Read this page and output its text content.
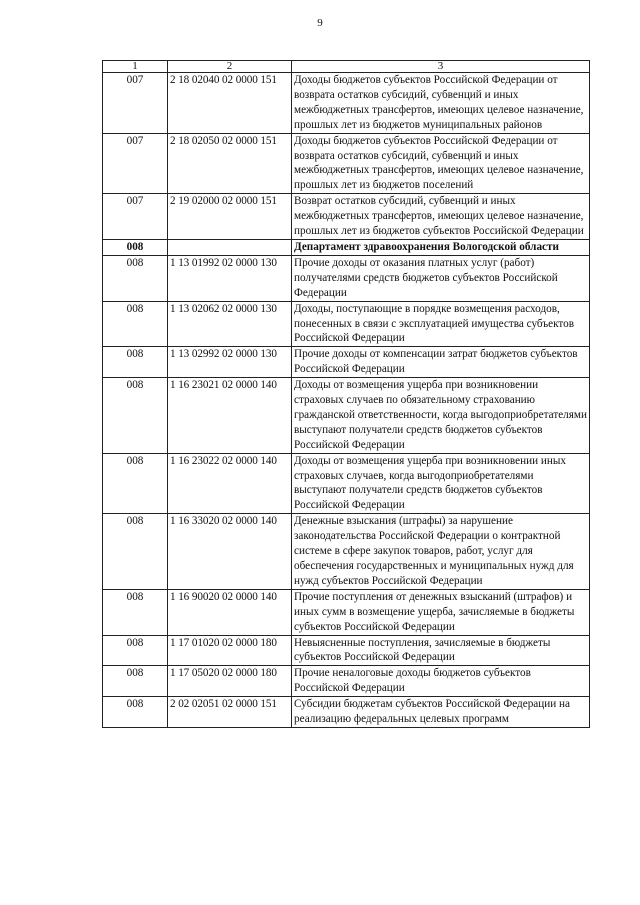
9
1	2	3
007	2 18 02040 02 0000 151	Доходы бюджетов субъектов Российской Федерации от возврата остатков субсидий, субвенций и иных межбюджетных трансфертов, имеющих целевое назначение, прошлых лет из бюджетов муниципальных районов
007	2 18 02050 02 0000 151	Доходы бюджетов субъектов Российской Федерации от возврата остатков субсидий, субвенций и иных межбюджетных трансфертов, имеющих целевое назначение, прошлых лет из бюджетов поселений
007	2 19 02000 02 0000 151	Возврат остатков субсидий, субвенций и иных межбюджетных трансфертов, имеющих целевое назначение, прошлых лет из бюджетов субъектов Российской Федерации
008		Департамент здравоохранения Вологодской области
008	1 13 01992 02 0000 130	Прочие доходы от оказания платных услуг (работ) получателями средств бюджетов субъектов Российской Федерации
008	1 13 02062 02 0000 130	Доходы, поступающие в порядке возмещения расходов, понесенных в связи с эксплуатацией имущества субъектов Российской Федерации
008	1 13 02992 02 0000 130	Прочие доходы от компенсации затрат бюджетов субъектов Российской Федерации
008	1 16 23021 02 0000 140	Доходы от возмещения ущерба при возникновении страховых случаев по обязательному страхованию гражданской ответственности, когда выгодоприобретателями выступают получатели средств бюджетов субъектов Российской Федерации
008	1 16 23022 02 0000 140	Доходы от возмещения ущерба при возникновении иных страховых случаев, когда выгодоприобретателями выступают получатели средств бюджетов субъектов Российской Федерации
008	1 16 33020 02 0000 140	Денежные взыскания (штрафы) за нарушение законодательства Российской Федерации о контрактной системе в сфере закупок товаров, работ, услуг для обеспечения государственных и муниципальных нужд для нужд субъектов Российской Федерации
008	1 16 90020 02 0000 140	Прочие поступления от денежных взысканий (штрафов) и иных сумм в возмещение ущерба, зачисляемые в бюджеты субъектов Российской Федерации
008	1 17 01020 02 0000 180	Невыясненные поступления, зачисляемые в бюджеты субъектов Российской Федерации
008	1 17 05020 02 0000 180	Прочие неналоговые доходы бюджетов субъектов Российской Федерации
008	2 02 02051 02 0000 151	Субсидии бюджетам субъектов Российской Федерации на реализацию федеральных целевых программ
